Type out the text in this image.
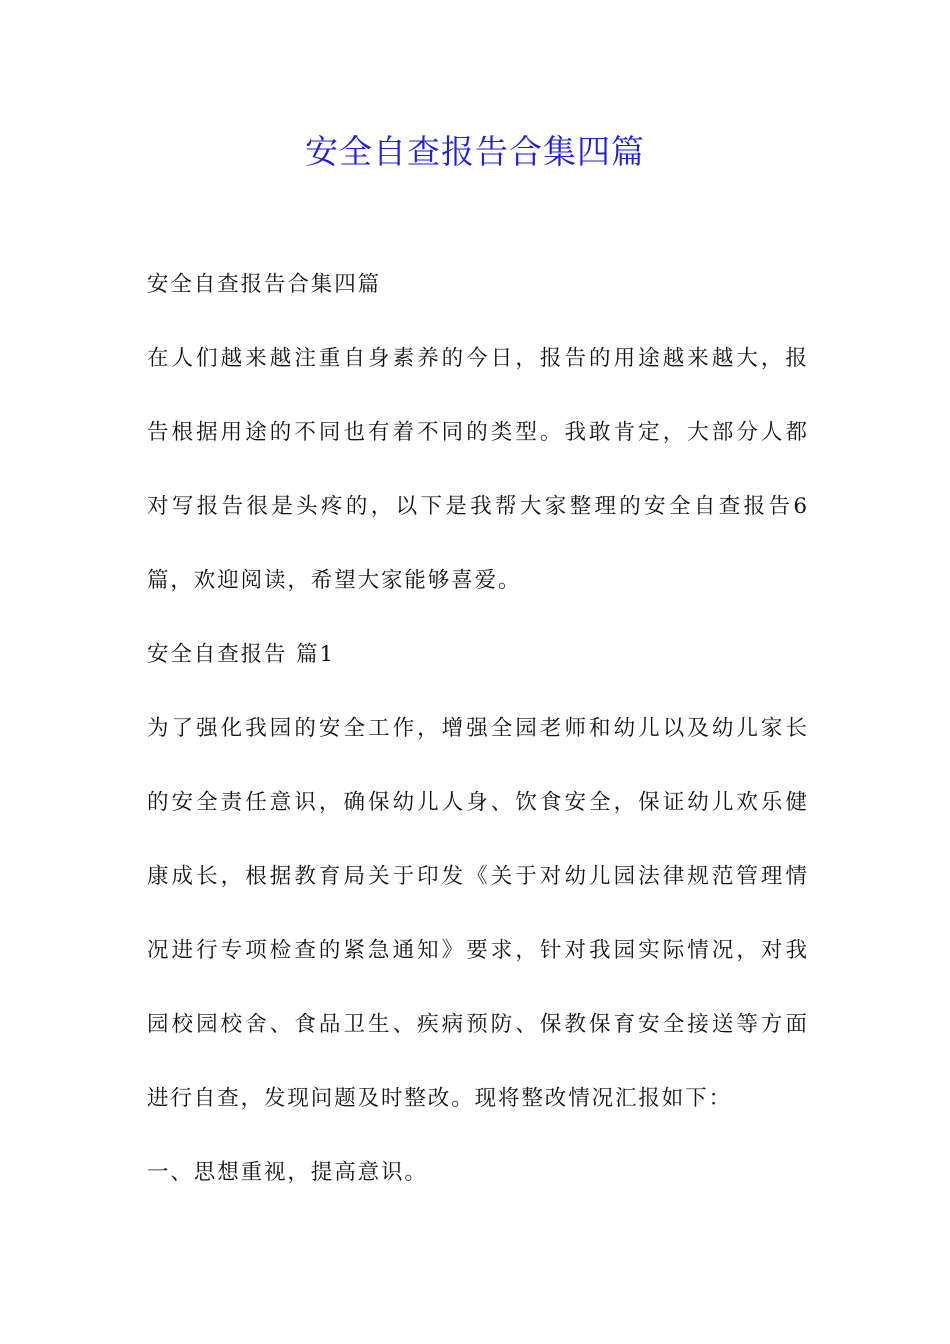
安全自查报告合集四篇
安全自查报告合集四篇
在人们越来越注重自身素养的今日，报告的用途越来越大，报
告根据用途的不同也有着不同的类型。我敢肯定，大部分人都
对写报告很是头疼的，以下是我帮大家整理的安全自查报告6
篇，欢迎阅读，希望大家能够喜爱。
安全自查报告 篇1
为了强化我园的安全工作，增强全园老师和幼儿以及幼儿家长
的安全责任意识，确保幼儿人身、饮食安全，保证幼儿欢乐健
康成长，根据教育局关于印发《关于对幼儿园法律规范管理情
况进行专项检查的紧急通知》要求，针对我园实际情况，对我
园校园校舍、食品卫生、疾病预防、保教保育安全接送等方面
进行自查，发现问题及时整改。现将整改情况汇报如下：
一、思想重视，提高意识。
